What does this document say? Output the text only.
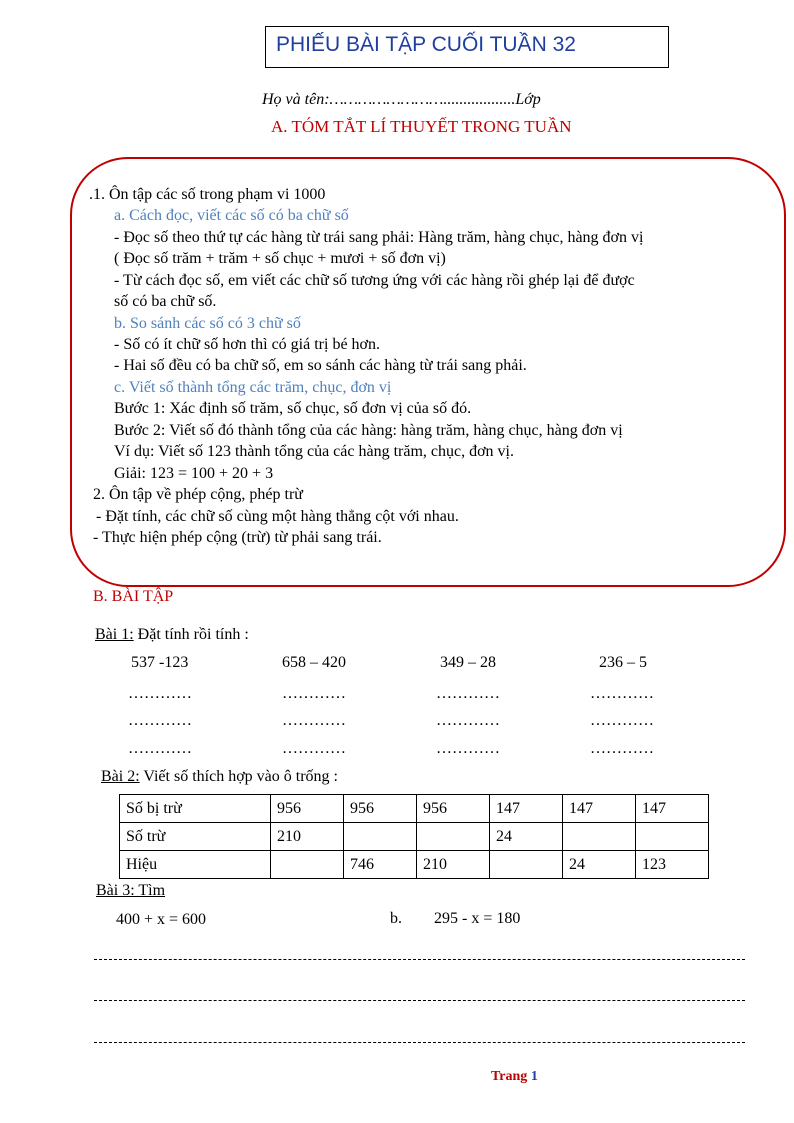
PHIẾU BÀI TẬP CUỐI TUẦN 32
Họ và tên:……………………..................Lớp
A. TÓM TẮT LÍ THUYẾT TRONG TUẦN
.1. Ôn tập các số trong phạm vi 1000
a. Cách đọc, viết các số có ba chữ số
- Đọc số theo thứ tự các hàng từ trái sang phải: Hàng trăm, hàng chục, hàng đơn vị
( Đọc số trăm + trăm + số chục + mươi + số đơn vị)
- Từ cách đọc số, em viết các chữ số tương ứng với các hàng rồi ghép lại để được
số có ba chữ số.
b. So sánh các số có 3 chữ số
- Số có ít chữ số hơn thì có giá trị bé hơn.
- Hai số đều có ba chữ số, em so sánh các hàng từ trái sang phải.
c. Viết số thành tổng các trăm, chục, đơn vị
Bước 1: Xác định số trăm, số chục, số đơn vị của số đó.
Bước 2: Viết số đó thành tổng của các hàng: hàng trăm, hàng chục, hàng đơn vị
Ví dụ: Viết số 123 thành tổng của các hàng trăm, chục, đơn vị.
Giải: 123 = 100 + 20 + 3
2. Ôn tập về phép cộng, phép trừ
- Đặt tính, các chữ số cùng một hàng thẳng cột với nhau.
- Thực hiện phép cộng (trừ) từ phải sang trái.
B. BÀI TẬP
Bài 1: Đặt tính rồi tính :
537 -123	658 – 420	349 – 28	236 – 5
…………	…………	…………	…………
…………	…………	…………	…………
…………	…………	…………	…………
Bài 2: Viết số thích hợp vào ô trống :
Số bị trừ	956	956	956	147	147	147
Số trừ	210			24		
Hiệu		746	210		24	123
Bài 3: Tìm
400 + x = 600	b. 295 - x = 180
Trang 1
